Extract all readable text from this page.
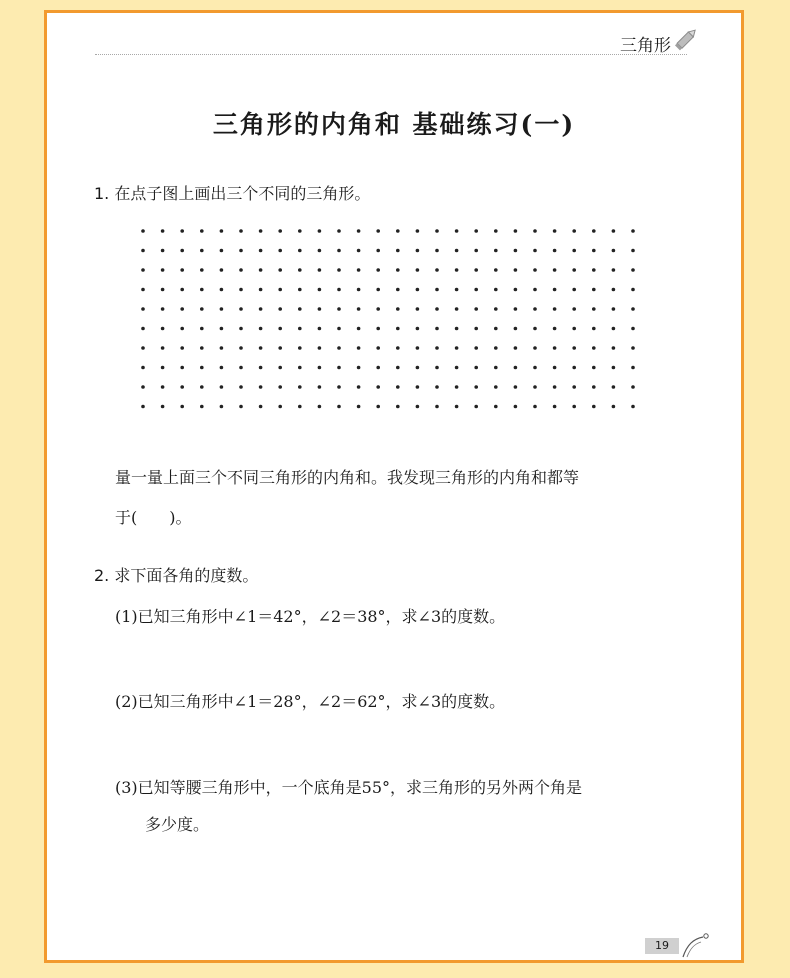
三角形
三角形的内角和 基础练习(一)
1. 在点子图上画出三个不同的三角形。
量一量上面三个不同三角形的内角和。我发现三角形的内角和都等
于(　　)。
2. 求下面各角的度数。
(1)已知三角形中∠1＝42°，∠2＝38°，求∠3的度数。
(2)已知三角形中∠1＝28°，∠2＝62°，求∠3的度数。
(3)已知等腰三角形中，一个底角是55°，求三角形的另外两个角是
多少度。
19
